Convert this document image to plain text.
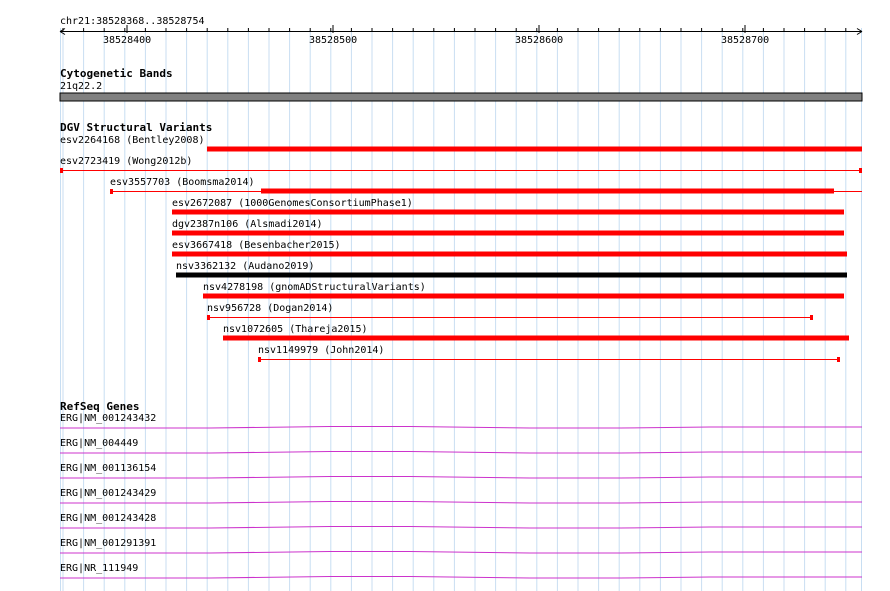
chr21:38528368..38528754
38528400	38528500	38528600	38528700
Cytogenetic Bands
21q22.2
DGV Structural Variants
esv2264168 (Bentley2008)
esv2723419 (Wong2012b)
esv3557703 (Boomsma2014)
esv2672087 (1000GenomesConsortiumPhase1)
dgv2387n106 (Alsmadi2014)
esv3667418 (Besenbacher2015)
nsv3362132 (Audano2019)
nsv4278198 (gnomADStructuralVariants)
nsv956728 (Dogan2014)
nsv1072605 (Thareja2015)
nsv1149979 (John2014)
RefSeq Genes
ERG|NM_001243432
ERG|NM_004449
ERG|NM_001136154
ERG|NM_001243429
ERG|NM_001243428
ERG|NM_001291391
ERG|NR_111949
